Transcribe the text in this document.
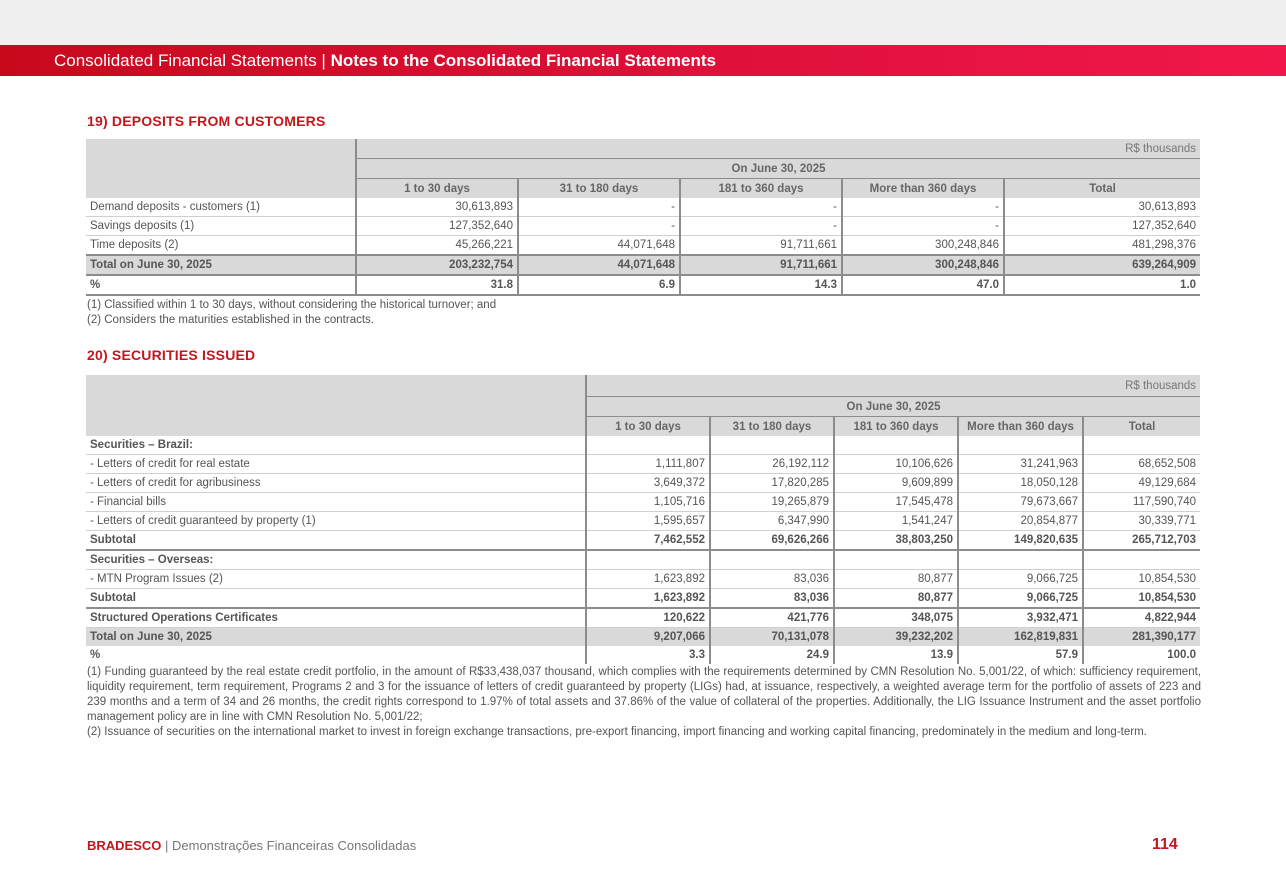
Consolidated Financial Statements | Notes to the Consolidated Financial Statements
19) DEPOSITS FROM CUSTOMERS
	R$ thousands				
	On June 30, 2025				
	1 to 30 days	31 to 180 days	181 to 360 days	More than 360 days	Total
Demand deposits - customers (1)	30,613,893	-	-	-	30,613,893
Savings deposits (1)	127,352,640	-	-	-	127,352,640
Time deposits (2)	45,266,221	44,071,648	91,711,661	300,248,846	481,298,376
Total on June 30, 2025	203,232,754	44,071,648	91,711,661	300,248,846	639,264,909
%	31.8	6.9	14.3	47.0	1.0
(1) Classified within 1 to 30 days, without considering the historical turnover; and
(2) Considers the maturities established in the contracts.
20) SECURITIES ISSUED
	R$ thousands				
	On June 30, 2025				
	1 to 30 days	31 to 180 days	181 to 360 days	More than 360 days	Total
Securities – Brazil:					
- Letters of credit for real estate	1,111,807	26,192,112	10,106,626	31,241,963	68,652,508
- Letters of credit for agribusiness	3,649,372	17,820,285	9,609,899	18,050,128	49,129,684
- Financial bills	1,105,716	19,265,879	17,545,478	79,673,667	117,590,740
- Letters of credit guaranteed by property (1)	1,595,657	6,347,990	1,541,247	20,854,877	30,339,771
Subtotal	7,462,552	69,626,266	38,803,250	149,820,635	265,712,703
Securities – Overseas:					
- MTN Program Issues (2)	1,623,892	83,036	80,877	9,066,725	10,854,530
Subtotal	1,623,892	83,036	80,877	9,066,725	10,854,530
Structured Operations Certificates	120,622	421,776	348,075	3,932,471	4,822,944
Total on June 30, 2025	9,207,066	70,131,078	39,232,202	162,819,831	281,390,177
%	3.3	24.9	13.9	57.9	100.0
(1) Funding guaranteed by the real estate credit portfolio, in the amount of R$33,438,037 thousand, which complies with the requirements determined by CMN Resolution No. 5,001/22, of which: sufficiency requirement, liquidity requirement, term requirement, Programs 2 and 3 for the issuance of letters of credit guaranteed by property (LIGs) had, at issuance, respectively, a weighted average term for the portfolio of assets of 223 and 239 months and a term of 34 and 26 months, the credit rights correspond to 1.97% of total assets and 37.86% of the value of collateral of the properties. Additionally, the LIG Issuance Instrument and the asset portfolio management policy are in line with CMN Resolution No. 5,001/22;
(2) Issuance of securities on the international market to invest in foreign exchange transactions, pre-export financing, import financing and working capital financing, predominately in the medium and long-term.
BRADESCO | Demonstrações Financeiras Consolidadas	114
